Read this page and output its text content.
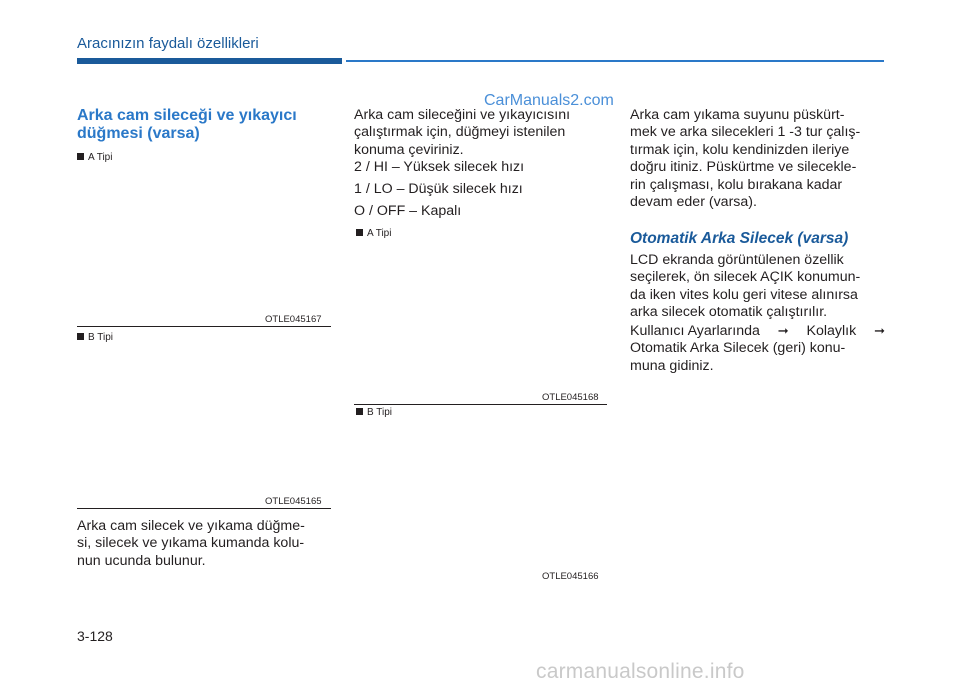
Aracınızın faydalı özellikleri
CarManuals2.com
Arka cam sileceği ve yıkayıcı
düğmesi (varsa)
A Tipi
OTLE045167
B Tipi
OTLE045165
Arka cam silecek ve yıkama düğme-
si, silecek ve yıkama kumanda kolu-
nun ucunda bulunur.
Arka cam sileceğini ve yıkayıcısını
çalıştırmak için, düğmeyi istenilen
konuma çeviriniz.
2 / HI – Yüksek silecek hızı
1 / LO – Düşük silecek hızı
O / OFF – Kapalı
A Tipi
OTLE045168
B Tipi
OTLE045166
Arka cam yıkama suyunu püskürt-
mek ve arka silecekleri 1 -3 tur çalış-
tırmak için, kolu kendinizden ileriye
doğru itiniz. Püskürtme ve silecekle-
rin çalışması, kolu bırakana kadar
devam eder (varsa).
Otomatik Arka Silecek (varsa)
LCD ekranda görüntülenen özellik
seçilerek, ön silecek AÇIK konumun-
da iken vites kolu geri vitese alınırsa
arka silecek otomatik çalıştırılır.
Kullanıcı Ayarlarında ➞ Kolaylık ➞
Otomatik Arka Silecek (geri) konu-
muna gidiniz.
3-128
carmanualsonline.info
